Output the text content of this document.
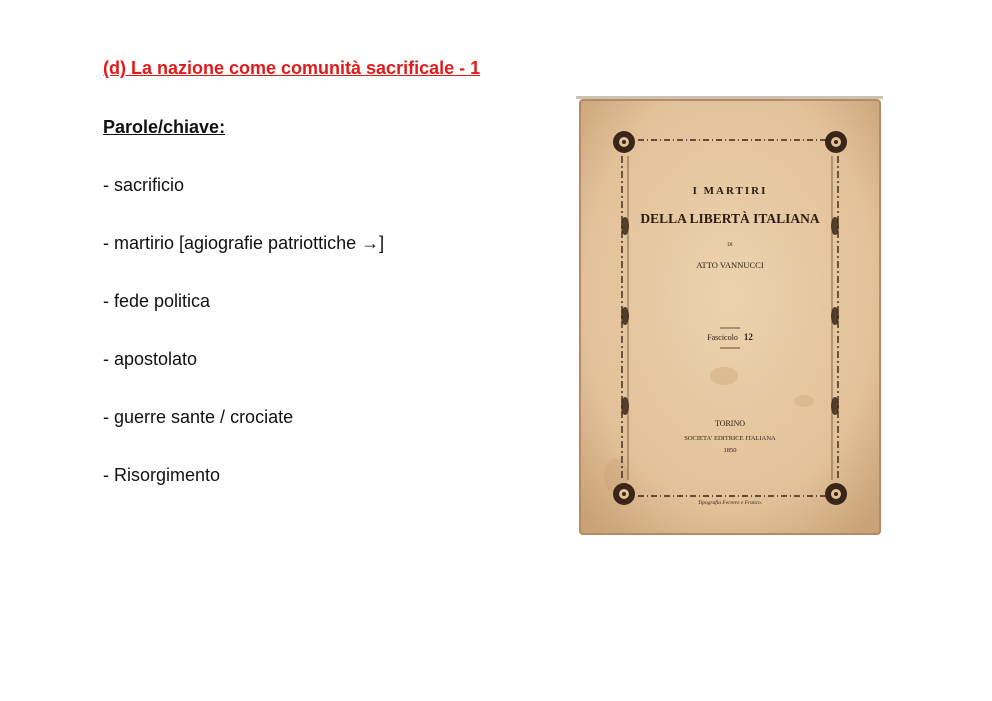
(d) La nazione come comunità sacrificale - 1
Parole/chiave:
- sacrificio
- martirio [agiografie patriottiche →]
- fede politica
- apostolato
- guerre sante / crociate
- Risorgimento
I MARTIRI
DELLA LIBERTÀ ITALIANA
DI
ATTO VANNUCCI
Fascicolo 12
TORINO
SOCIETA' EDITRICE ITALIANA
1850
Tipografia Ferrero e Franco.
